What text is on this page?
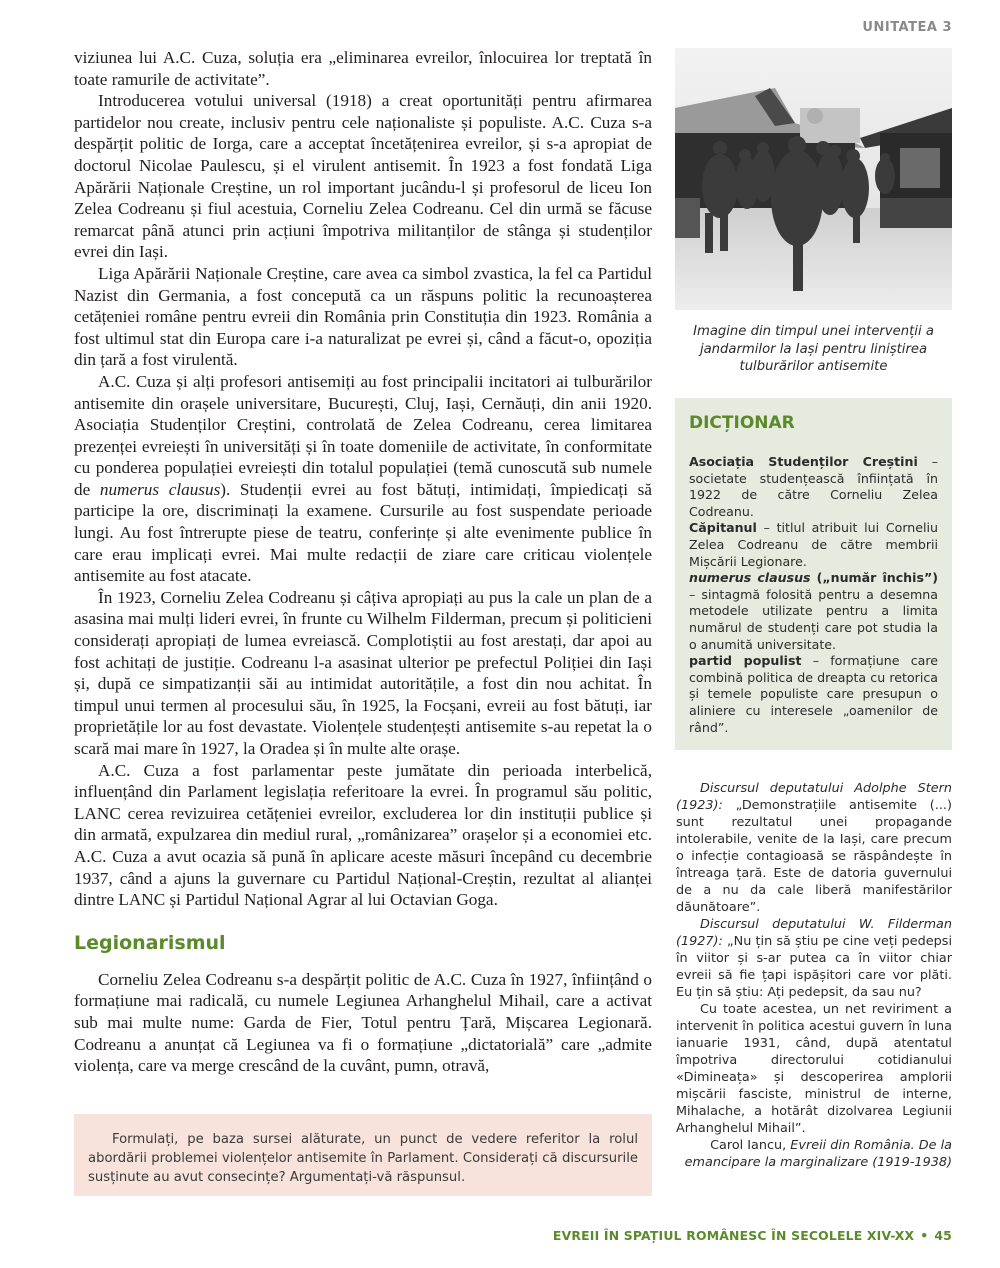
UNITATEA 3

viziunea lui A.C. Cuza, soluția era „eliminarea evreilor, înlocuirea lor treptată în toate ramurile de activitate”.

Introducerea votului universal (1918) a creat oportunități pentru afirmarea partidelor nou create, inclusiv pentru cele naționaliste și populiste. A.C. Cuza s-a despărțit politic de Iorga, care a acceptat încetățenirea evreilor, și s-a apropiat de doctorul Nicolae Paulescu, și el virulent antisemit. În 1923 a fost fondată Liga Apărării Naționale Creștine, un rol important jucându-l și profesorul de liceu Ion Zelea Codreanu și fiul acestuia, Corneliu Zelea Codreanu. Cel din urmă se făcuse remarcat până atunci prin acțiuni împotriva militanților de stânga și studenților evrei din Iași.

Liga Apărării Naționale Creștine, care avea ca simbol zvastica, la fel ca Partidul Nazist din Germania, a fost concepută ca un răspuns politic la recunoașterea cetățeniei române pentru evreii din România prin Constituția din 1923. România a fost ultimul stat din Europa care i-a naturalizat pe evrei și, când a făcut-o, opoziția din țară a fost virulentă.

A.C. Cuza și alți profesori antisemiți au fost principalii incitatori ai tulburărilor antisemite din orașele universitare, București, Cluj, Iași, Cernăuți, din anii 1920. Asociația Studenților Creștini, controlată de Zelea Codreanu, cerea limitarea prezenței evreiești în universități și în toate domeniile de activitate, în conformitate cu ponderea populației evreiești din totalul populației (temă cunoscută sub numele de numerus clausus). Studenții evrei au fost bătuți, intimidați, împiedicați să participe la ore, discriminați la examene. Cursurile au fost suspendate perioade lungi. Au fost întrerupte piese de teatru, conferințe și alte evenimente publice în care erau implicați evrei. Mai multe redacții de ziare care criticau violențele antisemite au fost atacate.

În 1923, Corneliu Zelea Codreanu și câțiva apropiați au pus la cale un plan de a asasina mai mulți lideri evrei, în frunte cu Wilhelm Filderman, precum și politicieni considerați apropiați de lumea evreiască. Complotiștii au fost arestați, dar apoi au fost achitați de justiție. Codreanu l-a asasinat ulterior pe prefectul Poliției din Iași și, după ce simpatizanții săi au intimidat autoritățile, a fost din nou achitat. În timpul unui termen al procesului său, în 1925, la Focșani, evreii au fost bătuți, iar proprietățile lor au fost devastate. Violențele studențești antisemite s-au repetat la o scară mai mare în 1927, la Oradea și în multe alte orașe.

A.C. Cuza a fost parlamentar peste jumătate din perioada interbelică, influențând din Parlament legislația referitoare la evrei. În programul său politic, LANC cerea revizuirea cetățeniei evreilor, excluderea lor din instituții publice și din armată, expulzarea din mediul rural, „românizarea” orașelor și a economiei etc. A.C. Cuza a avut ocazia să pună în aplicare aceste măsuri începând cu decembrie 1937, când a ajuns la guvernare cu Partidul Național-Creștin, rezultat al alianței dintre LANC și Partidul Național Agrar al lui Octavian Goga.

Legionarismul

Corneliu Zelea Codreanu s-a despărțit politic de A.C. Cuza în 1927, înființând o formațiune mai radicală, cu numele Legiunea Arhanghelul Mihail, care a activat sub mai multe nume: Garda de Fier, Totul pentru Țară, Mișcarea Legionară. Codreanu a anunțat că Legiunea va fi o formațiune „dictatorială” care „admite violența, care va merge crescând de la cuvânt, pumn, otravă,

Formulați, pe baza sursei alăturate, un punct de vedere referitor la rolul abordării problemei violențelor antisemite în Parlament. Considerați că discursurile susținute au avut consecințe? Argumentați-vă răspunsul.

Imagine din timpul unei intervenții a jandarmilor la Iași pentru liniștirea tulburărilor antisemite
DICȚIONAR
Asociația Studenților Creștini – societate studențească înființată în 1922 de către Corneliu Zelea Codreanu.
Căpitanul – titlul atribuit lui Corneliu Zelea Codreanu de către membrii Mișcării Legionare.
numerus clausus („număr închis”) – sintagmă folosită pentru a desemna metodele utilizate pentru a limita numărul de studenți care pot studia la o anumită universitate.
partid populist – formațiune care combină politica de dreapta cu retorica și temele populiste care presupun o aliniere cu interesele „oamenilor de rând”.

Discursul deputatului Adolphe Stern (1923): „Demonstrațiile antisemite (...) sunt rezultatul unei propagande intolerabile, venite de la Iași, care precum o infecție contagioasă se răspândește în întreaga țară. Este de datoria guvernului de a nu da cale liberă manifestărilor dăunătoare”.

Discursul deputatului W. Filderman (1927): „Nu țin să știu pe cine veți pedepsi în viitor și s-ar putea ca în viitor chiar evreii să fie țapi ispășitori care vor plăti. Eu țin să știu: Ați pedepsit, da sau nu?

Cu toate acestea, un net reviriment a intervenit în politica acestui guvern în luna ianuarie 1931, când, după atentatul împotriva directorului cotidianului «Dimineața» și descoperirea amplorii mișcării fasciste, ministrul de interne, Mihalache, a hotărât dizolvarea Legiunii Arhanghelul Mihail”.

Carol Iancu, Evreii din România. De la emancipare la marginalizare (1919-1938)

EVREII ÎN SPAȚIUL ROMÂNESC ÎN SECOLELE XIV-XX • 45
